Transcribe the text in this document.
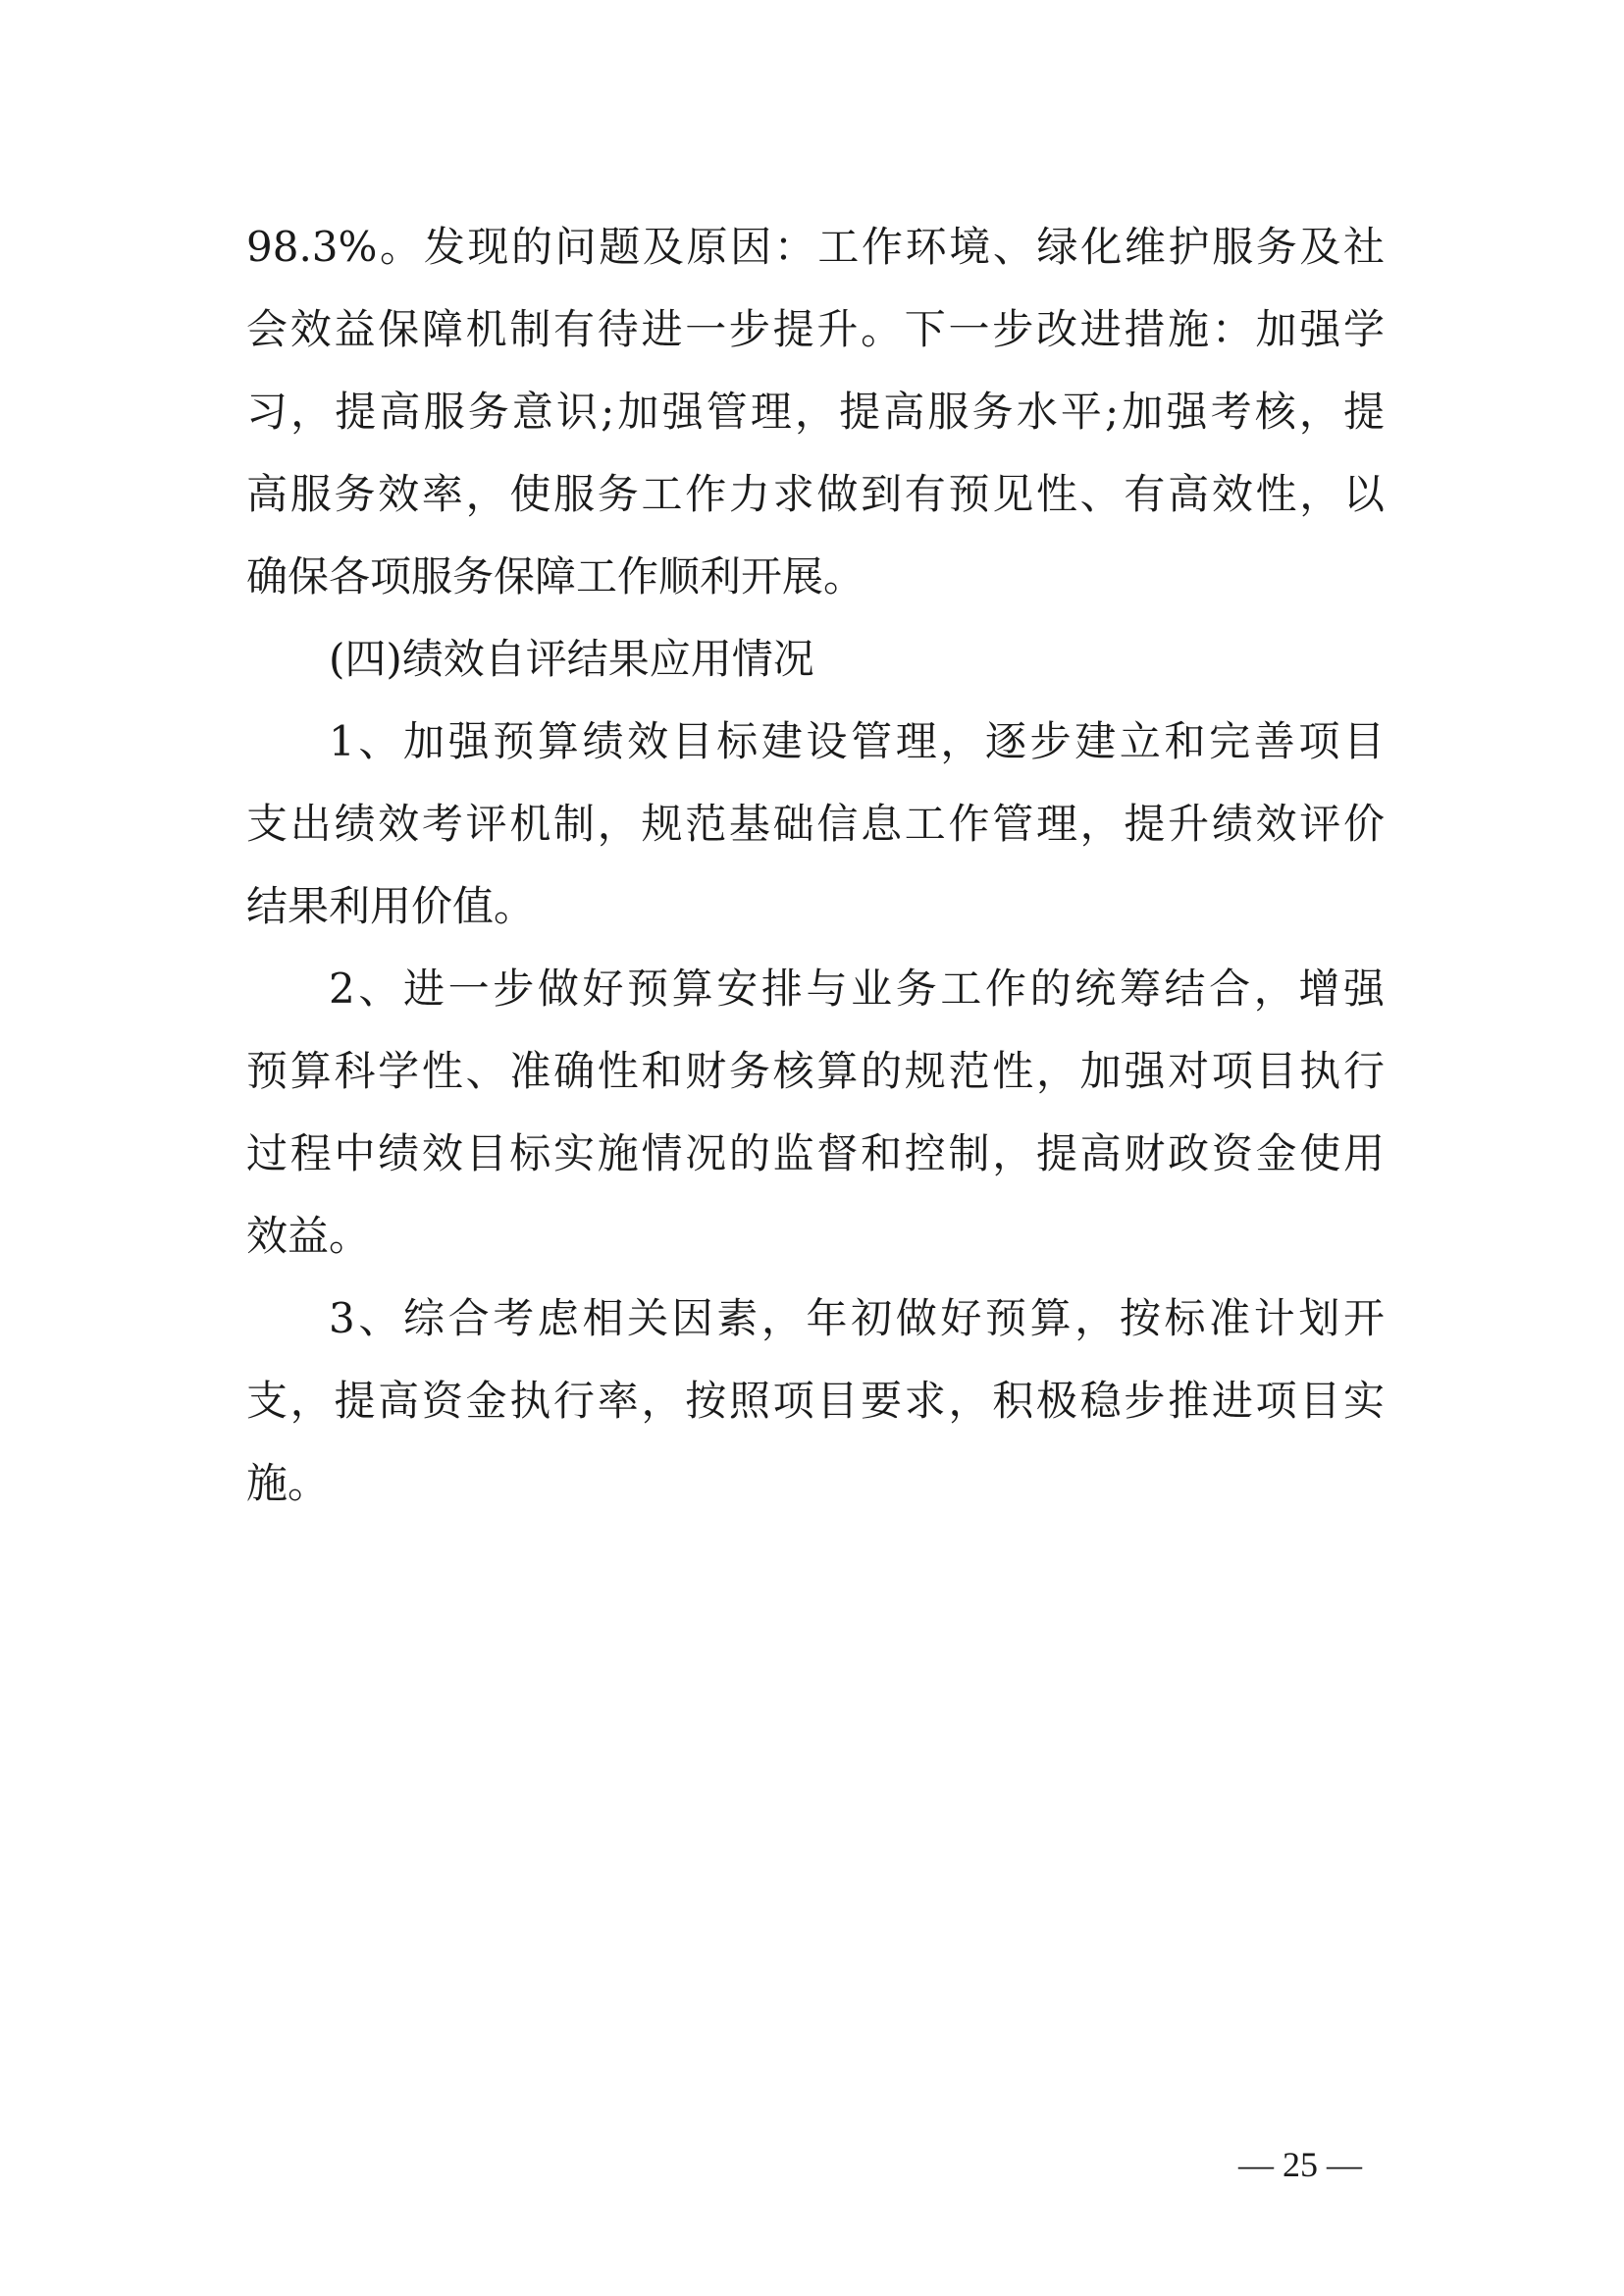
98.3%。发现的问题及原因：工作环境、绿化维护服务及社
会效益保障机制有待进一步提升。下一步改进措施：加强学
习，提高服务意识;加强管理，提高服务水平;加强考核，提
高服务效率，使服务工作力求做到有预见性、有高效性，以
确保各项服务保障工作顺利开展。
(四)绩效自评结果应用情况
1、加强预算绩效目标建设管理，逐步建立和完善项目
支出绩效考评机制，规范基础信息工作管理，提升绩效评价
结果利用价值。
2、进一步做好预算安排与业务工作的统筹结合，增强
预算科学性、准确性和财务核算的规范性，加强对项目执行
过程中绩效目标实施情况的监督和控制，提高财政资金使用
效益。
3、综合考虑相关因素，年初做好预算，按标准计划开
支，提高资金执行率，按照项目要求，积极稳步推进项目实
施。
— 25 —
